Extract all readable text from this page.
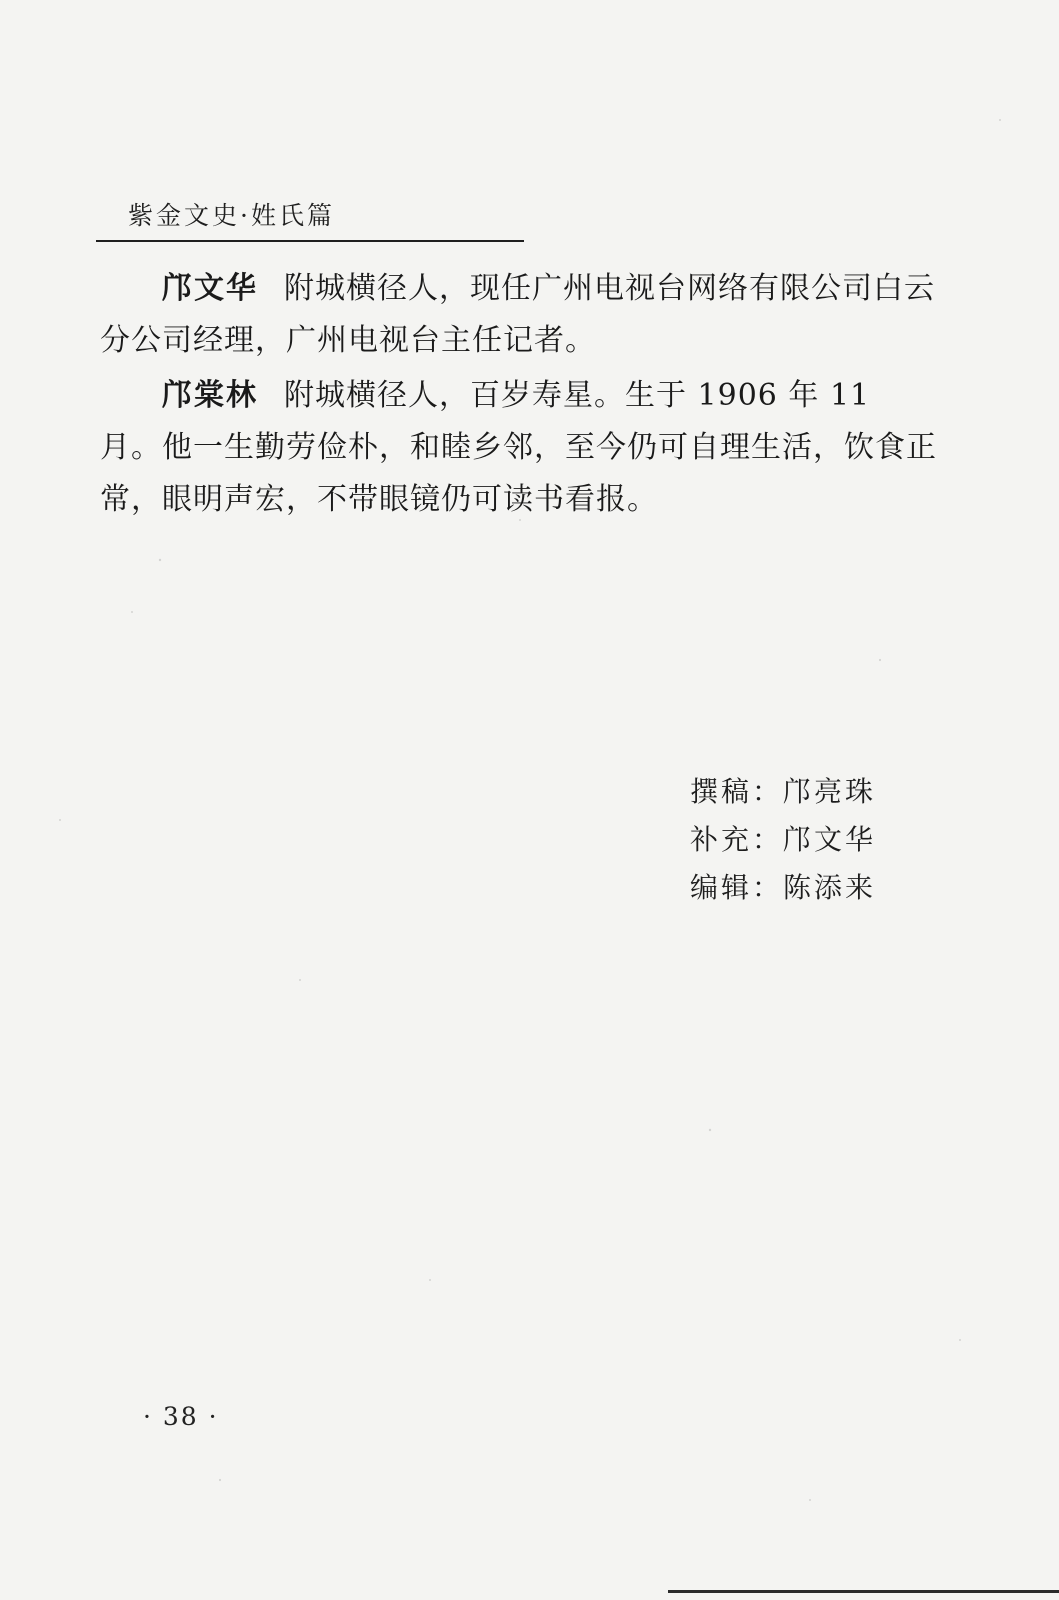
紫金文史·姓氏篇

邝文华 附城横径人，现任广州电视台网络有限公司白云分公司经理，广州电视台主任记者。

邝棠林 附城横径人，百岁寿星。生于 1906 年 11 月。他一生勤劳俭朴，和睦乡邻，至今仍可自理生活，饮食正常，眼明声宏，不带眼镜仍可读书看报。

撰稿：邝亮珠
补充：邝文华
编辑：陈添来
· 38 ·
